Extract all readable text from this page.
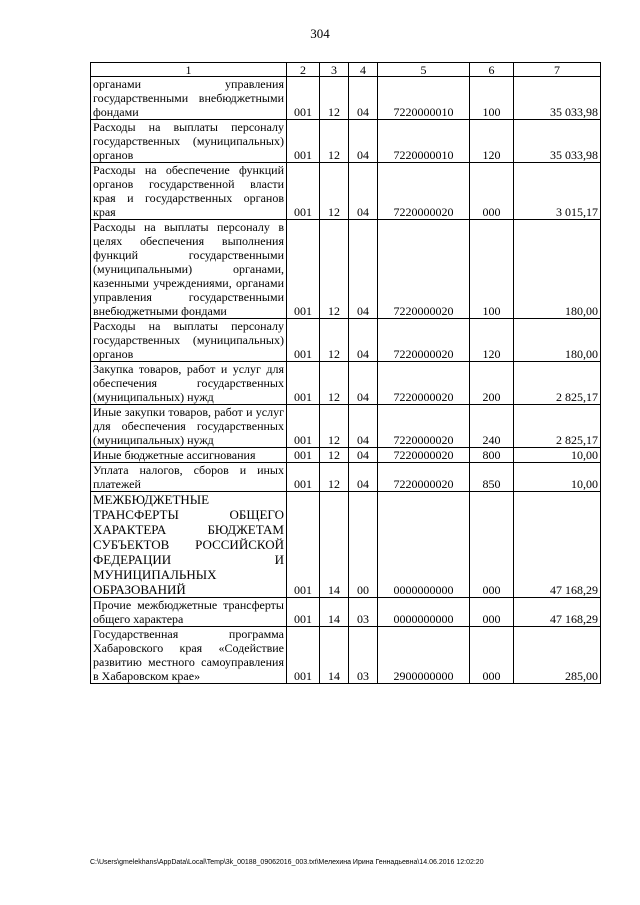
304
1	2	3	4	5	6	7
органами управления государственными внебюджетными фондами	001	12	04	7220000010	100	35 033,98
Расходы на выплаты персоналу государственных (муниципальных) органов	001	12	04	7220000010	120	35 033,98
Расходы на обеспечение функций органов государственной власти края и государственных органов края	001	12	04	7220000020	000	3 015,17
Расходы на выплаты персоналу в целях обеспечения выполнения функций государственными (муниципальными) органами, казенными учреждениями, органами управления государственными внебюджетными фондами	001	12	04	7220000020	100	180,00
Расходы на выплаты персоналу государственных (муниципальных) органов	001	12	04	7220000020	120	180,00
Закупка товаров, работ и услуг для обеспечения государственных (муниципальных) нужд	001	12	04	7220000020	200	2 825,17
Иные закупки товаров, работ и услуг для обеспечения государственных (муниципальных) нужд	001	12	04	7220000020	240	2 825,17
Иные бюджетные ассигнования	001	12	04	7220000020	800	10,00
Уплата налогов, сборов и иных платежей	001	12	04	7220000020	850	10,00
МЕЖБЮДЖЕТНЫЕ ТРАНСФЕРТЫ ОБЩЕГО ХАРАКТЕРА БЮДЖЕТАМ СУБЪЕКТОВ РОССИЙСКОЙ ФЕДЕРАЦИИ И МУНИЦИПАЛЬНЫХ ОБРАЗОВАНИЙ	001	14	00	0000000000	000	47 168,29
Прочие межбюджетные трансферты общего характера	001	14	03	0000000000	000	47 168,29
Государственная программа Хабаровского края «Содействие развитию местного самоуправления в Хабаровском крае»	001	14	03	2900000000	000	285,00
C:\Users\gmelekhans\AppData\Local\Temp\3k_00188_09062016_003.txt\Мелехина Ирина Геннадьевна\14.06.2016 12:02:20
